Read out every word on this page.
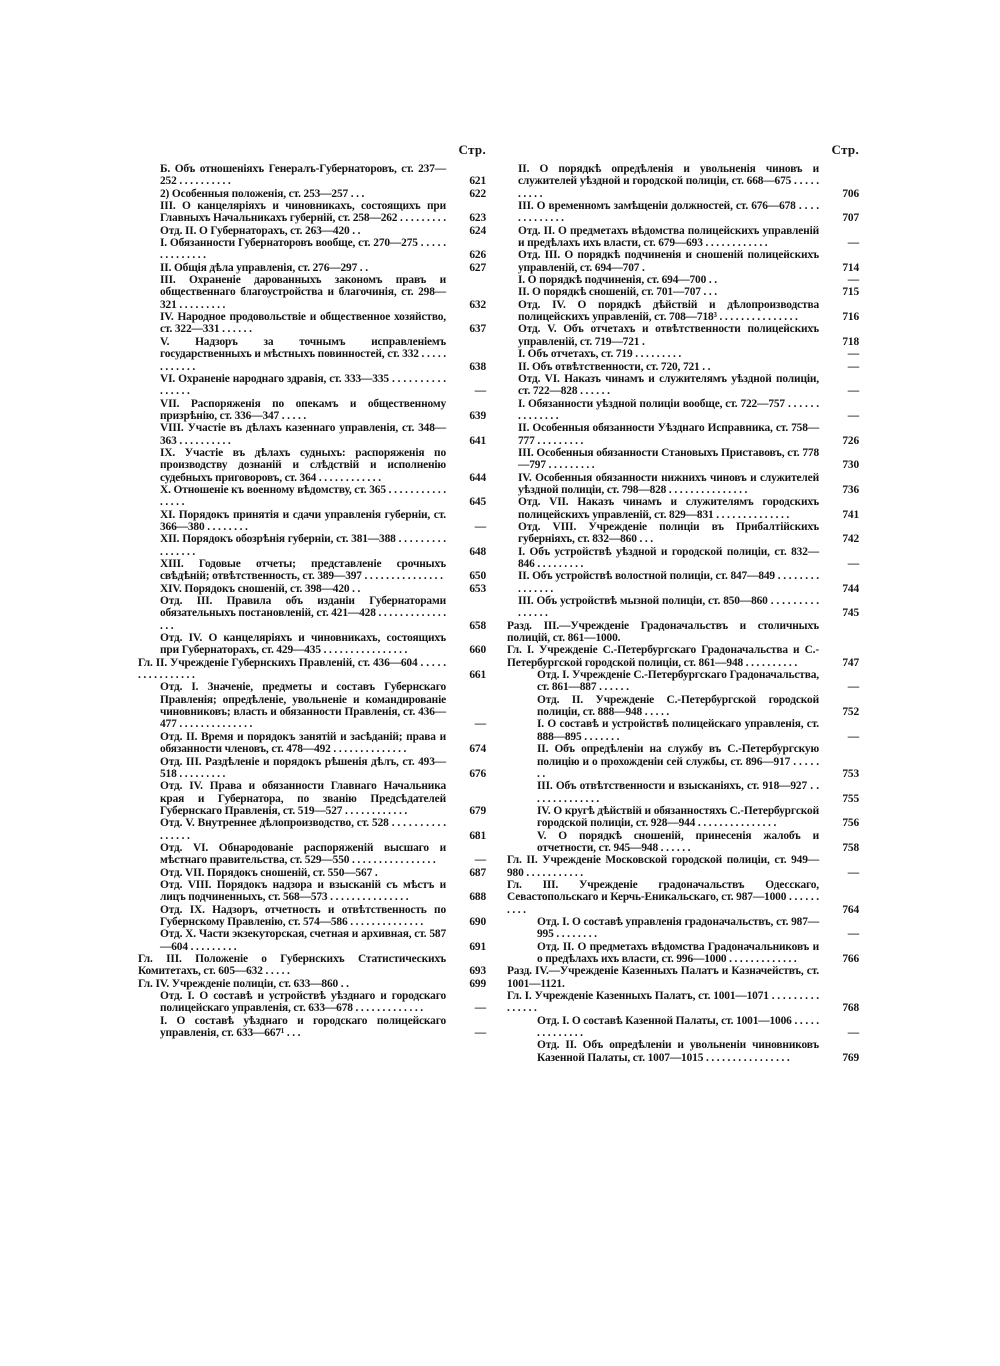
Стр.
Б. Объ отношеніяхъ Генералъ-Губернаторовъ, ст. 237—252 . . . . . . . . . .	621
2) Особенныя положенія, ст. 253—257 . . .	622
III. О канцеляріяхъ и чиновникахъ, состоящихъ при Главныхъ Начальникахъ губерній, ст. 258—262 . . . . . . . . .	623
Отд. II. О Губернаторахъ, ст. 263—420 . .	624
I. Обязанности Губернаторовъ вообще, ст. 270—275 . . . . . . . . . . . . . .	626
II. Общія дѣла управленія, ст. 276—297 . .	627
III. Охраненіе дарованныхъ закономъ правъ и общественнаго благоустройства и благочинія, ст. 298—321 . . . . . . . . .	632
IV. Народное продовольствіе и общественное хозяйство, ст. 322—331 . . . . . .	637
V. Надзоръ за точнымъ исправленіемъ государственныхъ и мѣстныхъ повинностей, ст. 332 . . . . . . . . . . . .	638
VI. Охраненіе народнаго здравія, ст. 333—335 . . . . . . . . . . . . . . . .	—
VII. Распоряженія по опекамъ и общественному призрѣнію, ст. 336—347 . . . . .	639
VIII. Участіе въ дѣлахъ казеннаго управленія, ст. 348—363 . . . . . . . . . .	641
IX. Участіе въ дѣлахъ судныхъ: распоряженія по производству дознаній и слѣдствій и исполненію судебныхъ приговоровъ, ст. 364 . . . . . . . . . . . .	644
X. Отношеніе къ военному вѣдомству, ст. 365 . . . . . . . . . . . . . . . .	645
XI. Порядокъ принятія и сдачи управленія губерніи, ст. 366—380 . . . . . . . .	—
XII. Порядокъ обозрѣнія губерніи, ст. 381—388 . . . . . . . . . . . . . . . .	648
XIII. Годовые отчеты; представленіе срочныхъ свѣдѣній; отвѣтственность, ст. 389—397 . . . . . . . . . . . . . . .	650
XIV. Порядокъ сношеній, ст. 398—420 . .	653
Отд. III. Правила объ изданіи Губернаторами обязательныхъ постановленій, ст. 421—428 . . . . . . . . . . . . . . . .	658
Отд. IV. О канцеляріяхъ и чиновникахъ, состоящихъ при Губернаторахъ, ст. 429—435 . . . . . . . . . . . . . . . .	660
Гл. II. Учрежденіе Губернскихъ Правленій, ст. 436—604 . . . . . . . . . . . . . . . .	661
Отд. I. Значеніе, предметы и составъ Губернскаго Правленія; опредѣленіе, увольненіе и командированіе чиновниковъ; власть и обязанности Правленія, ст. 436—477 . . . . . . . . . . . . . .	—
Отд. II. Время и порядокъ занятій и засѣданій; права и обязанности членовъ, ст. 478—492 . . . . . . . . . . . . . .	674
Отд. III. Раздѣленіе и порядокъ рѣшенія дѣлъ, ст. 493—518 . . . . . . . . .	676
Отд. IV. Права и обязанности Главнаго Начальника края и Губернатора, по званію Предсѣдателей Губернскаго Правленія, ст. 519—527 . . . . . . . . . . . .	679
Отд. V. Внутреннее дѣлопроизводство, ст. 528 . . . . . . . . . . . . . . . .	681
Отд. VI. Обнародованіе распоряженій высшаго и мѣстнаго правительства, ст. 529—550 . . . . . . . . . . . . . . . .	—
Отд. VII. Порядокъ сношеній, ст. 550—567 .	687
Отд. VIII. Порядокъ надзора и взысканій съ мѣстъ и лицъ подчиненныхъ, ст. 568—573 . . . . . . . . . . . . . . .	688
Отд. IX. Надзоръ, отчетность и отвѣтственность по Губернскому Правленію, ст. 574—586 . . . . . . . . . . . . . .	690
Отд. X. Части экзекуторская, счетная и архивная, ст. 587—604 . . . . . . . . .	691
Гл. III. Положеніе о Губернскихъ Статистическихъ Комитетахъ, ст. 605—632 . . . . .	693
Гл. IV. Учрежденіе полиціи, ст. 633—860 . .	699
Отд. I. О составѣ и устройствѣ уѣзднаго и городскаго полицейскаго управленія, ст. 633—678 . . . . . . . . . . . . .	—
I. О составѣ уѣзднаго и городскаго полицейскаго управленія, ст. 633—667¹ . . .	—
Стр.
II. О порядкѣ опредѣленія и увольненія чиновъ и служителей уѣздной и городской полиціи, ст. 668—675 . . . . . . . . . .	706
III. О временномъ замѣщеніи должностей, ст. 676—678 . . . . . . . . . . . . .	707
Отд. II. О предметахъ вѣдомства полицейскихъ управленій и предѣлахъ ихъ власти, ст. 679—693 . . . . . . . . . . . .	—
Отд. III. О порядкѣ подчиненія и сношеній полицейскихъ управленій, ст. 694—707 .	714
I. О порядкѣ подчиненія, ст. 694—700 . .	—
II. О порядкѣ сношеній, ст. 701—707 . . .	715
Отд. IV. О порядкѣ дѣйствій и дѣлопроизводства полицейскихъ управленій, ст. 708—718³ . . . . . . . . . . . . . . .	716
Отд. V. Объ отчетахъ и отвѣтственности полицейскихъ управленій, ст. 719—721 .	718
I. Объ отчетахъ, ст. 719 . . . . . . . . .	—
II. Объ отвѣтственности, ст. 720, 721 . .	—
Отд. VI. Наказъ чинамъ и служителямъ уѣздной полиціи, ст. 722—828 . . . . . .	—
I. Обязанности уѣздной полиціи вообще, ст. 722—757 . . . . . . . . . . . . . .	—
II. Особенныя обязанности Уѣзднаго Исправника, ст. 758—777 . . . . . . . . .	726
III. Особенныя обязанности Становыхъ Приставовъ, ст. 778—797 . . . . . . . . .	730
IV. Особенныя обязанности нижнихъ чиновъ и служителей уѣздной полиціи, ст. 798—828 . . . . . . . . . . . . . . .	736
Отд. VII. Наказъ чинамъ и служителямъ городскихъ полицейскихъ управленій, ст. 829—831 . . . . . . . . . . . . . .	741
Отд. VIII. Учрежденіе полиціи въ Прибалтійскихъ губерніяхъ, ст. 832—860 . . .	742
I. Объ устройствѣ уѣздной и городской полиціи, ст. 832—846 . . . . . . . . .	—
II. Объ устройствѣ волостной полиціи, ст. 847—849 . . . . . . . . . . . . . . .	744
III. Объ устройствѣ мызной полиціи, ст. 850—860 . . . . . . . . . . . . . . .	745
Разд. III.—Учрежденіе Градоначальствъ и столичныхъ полицій, ст. 861—1000.
Гл. I. Учрежденіе С.-Петербургскаго Градоначальства и С.-Петербургской городской полиціи, ст. 861—948 . . . . . . . . . .	747
Отд. I. Учрежденіе С.-Петербургскаго Градоначальства, ст. 861—887 . . . . . .	—
Отд. II. Учрежденіе С.-Петербургской городской полиціи, ст. 888—948 . . . . .	752
I. О составѣ и устройствѣ полицейскаго управленія, ст. 888—895 . . . . . . .	—
II. Объ опредѣленіи на службу въ С.-Петербургскую полицію и о прохожденіи сей службы, ст. 896—917 . . . . . . .	753
III. Объ отвѣтственности и взысканіяхъ, ст. 918—927 . . . . . . . . . . . . . .	755
IV. О кругѣ дѣйствій и обязанностяхъ С.-Петербургской городской полиціи, ст. 928—944 . . . . . . . . . . . . . . .	756
V. О порядкѣ сношеній, принесенія жалобъ и отчетности, ст. 945—948 . . . . . .	758
Гл. II. Учрежденіе Московской городской полиціи, ст. 949—980 . . . . . . . . . . .	—
Гл. III. Учрежденіе градоначальствъ Одесскаго, Севастопольскаго и Керчь-Еникальскаго, ст. 987—1000 . . . . . . . . . .	764
Отд. I. О составѣ управленія градоначальствъ, ст. 987—995 . . . . . . . .	—
Отд. II. О предметахъ вѣдомства Градоначальниковъ и о предѣлахъ ихъ власти, ст. 996—1000 . . . . . . . . . . . . .	766
Разд. IV.—Учрежденіе Казенныхъ Палатъ и Казначействъ, ст. 1001—1121.
Гл. I. Учрежденіе Казенныхъ Палатъ, ст. 1001—1071 . . . . . . . . . . . . . . .	768
Отд. I. О составѣ Казенной Палаты, ст. 1001—1006 . . . . . . . . . . . . . .	—
Отд. II. Объ опредѣленіи и увольненіи чиновниковъ Казенной Палаты, ст. 1007—1015 . . . . . . . . . . . . . . . .	769
